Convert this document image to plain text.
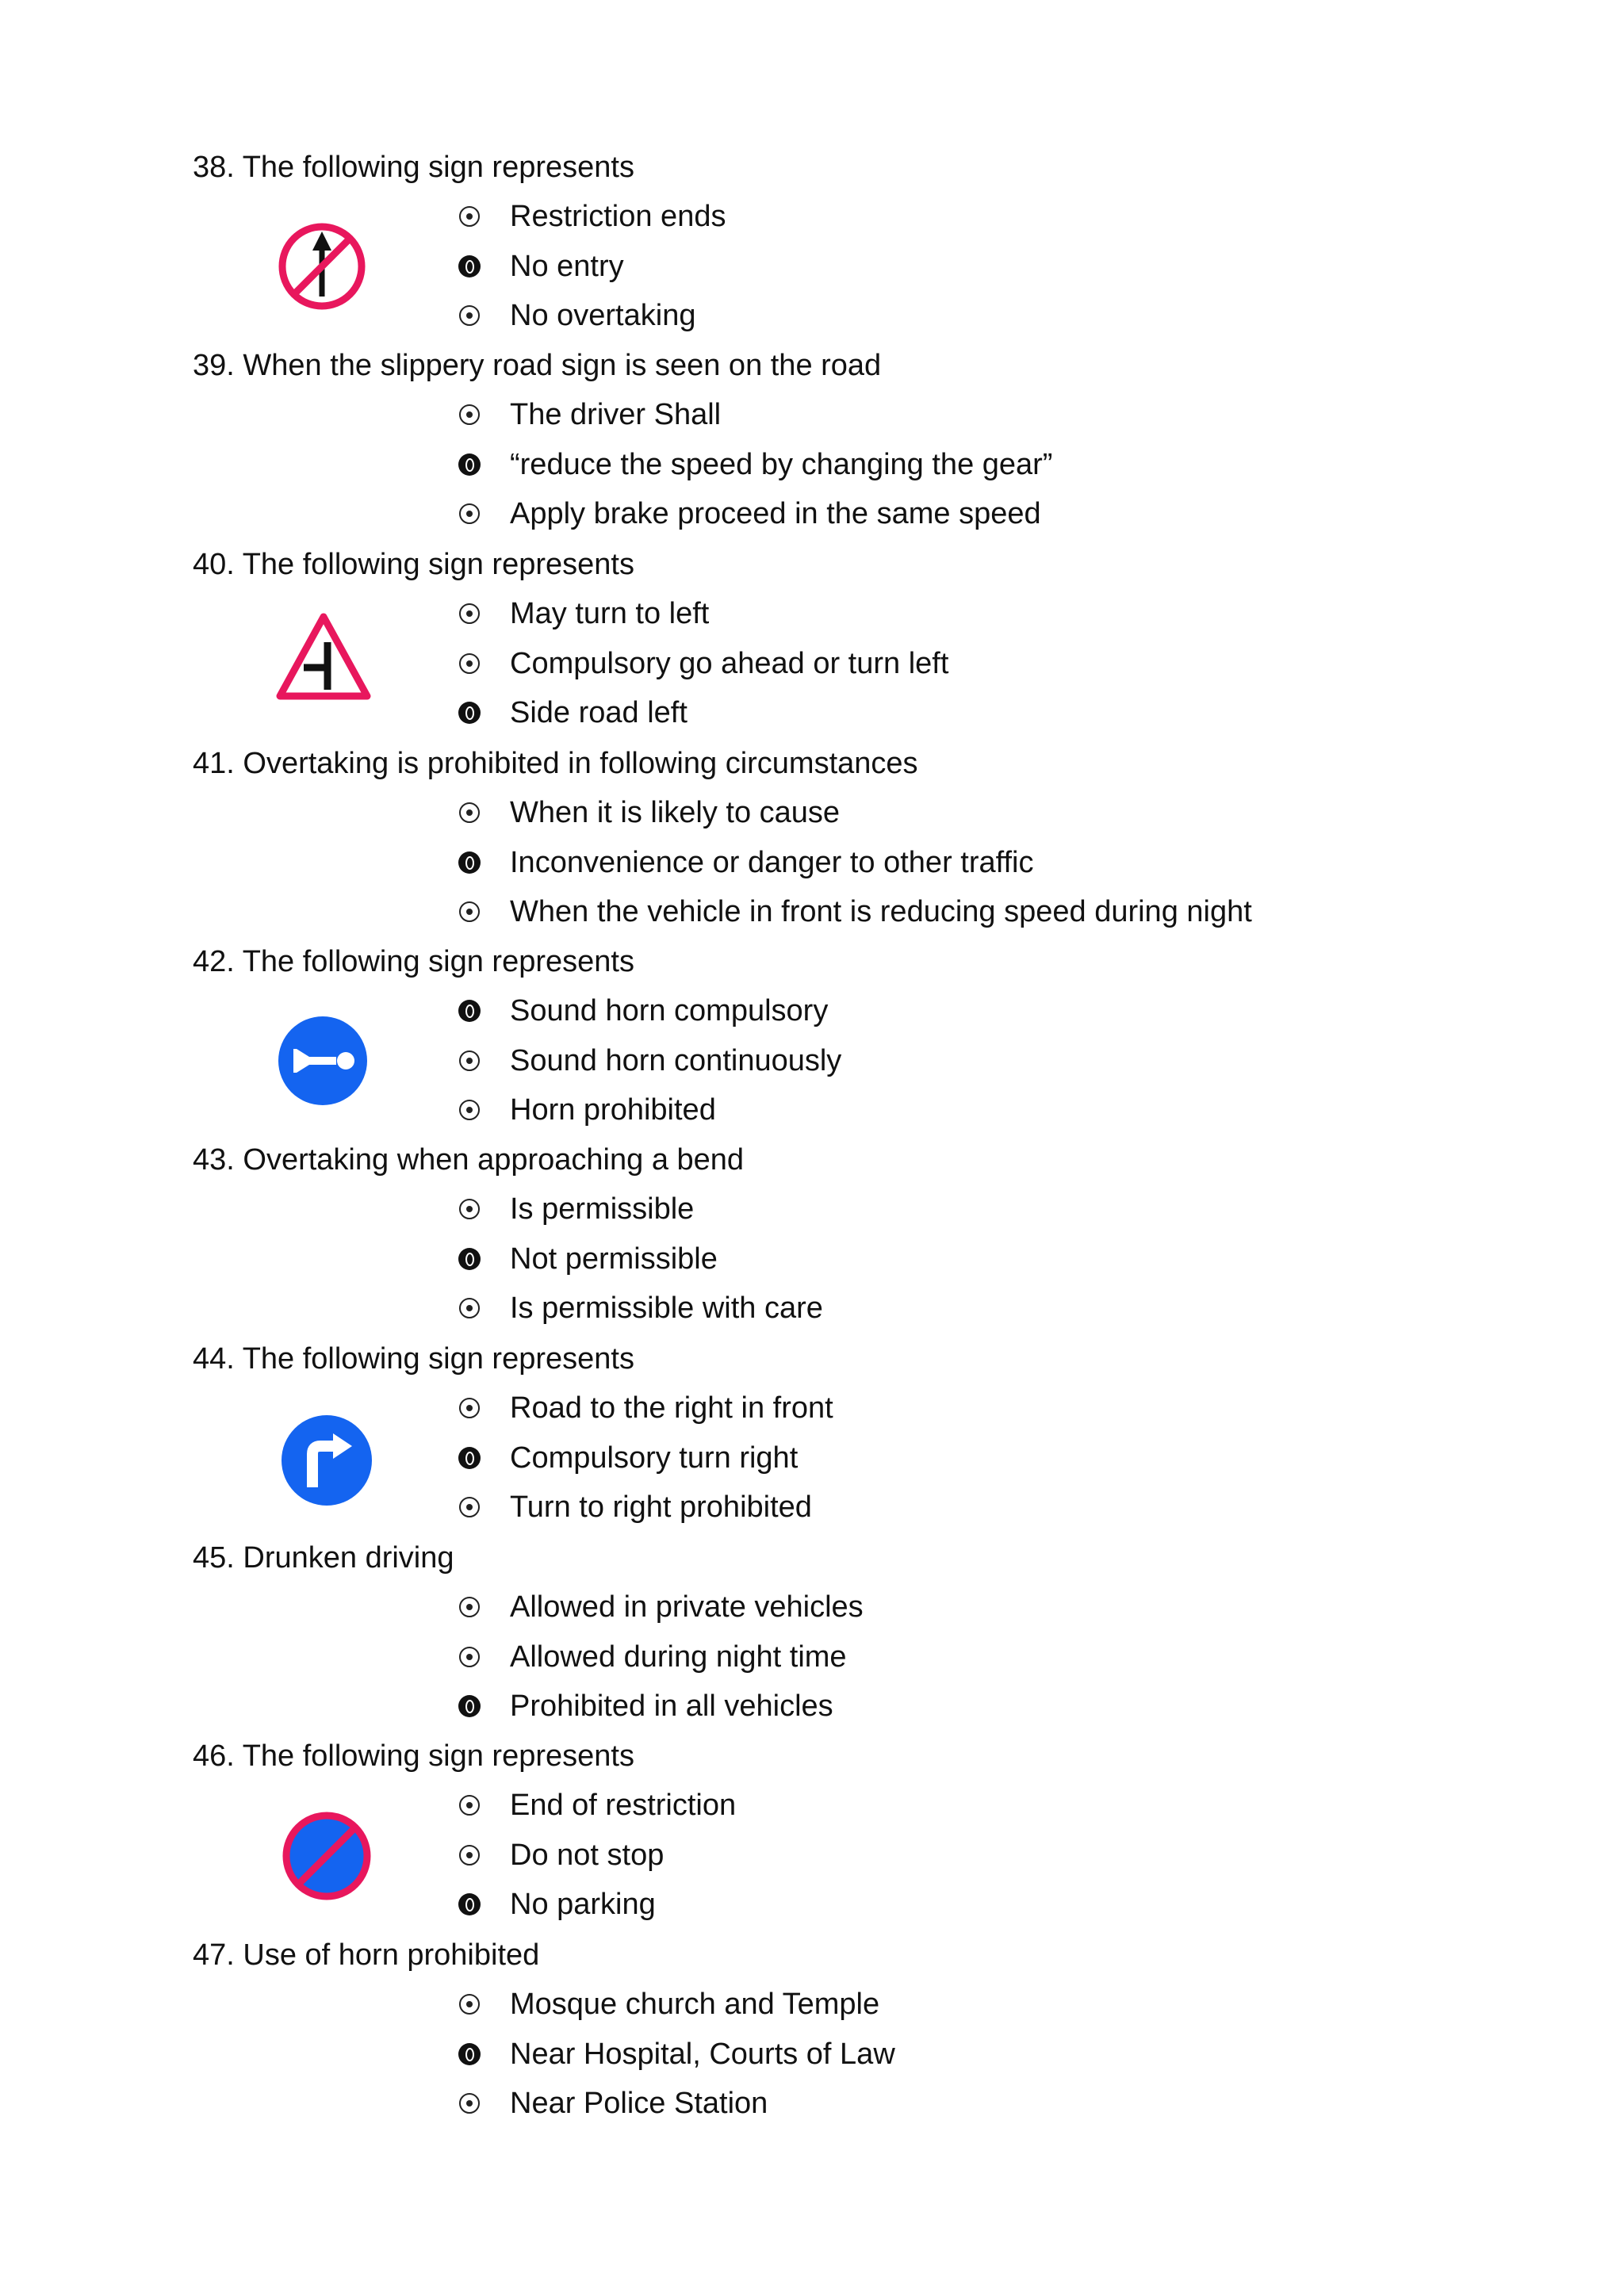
38. The following sign represents
Restriction ends
No entry
No overtaking
39. When the slippery road sign is seen on the road
The driver Shall
“reduce the speed by changing the gear”
Apply brake proceed in the same speed
40. The following sign represents
May turn to left
Compulsory go ahead or turn left
Side road left
41. Overtaking is prohibited in following circumstances
When it is likely to cause
Inconvenience or danger to other traffic
When the vehicle in front is reducing speed during night
42. The following sign represents
Sound horn compulsory
Sound horn continuously
Horn prohibited
43. Overtaking when approaching a bend
Is permissible
Not permissible
Is permissible with care
44. The following sign represents
Road to the right in front
Compulsory turn right
Turn to right prohibited
45. Drunken driving
Allowed in private vehicles
Allowed during night time
Prohibited in all vehicles
46. The following sign represents
End of restriction
Do not stop
No parking
47. Use of horn prohibited
Mosque church and Temple
Near Hospital, Courts of Law
Near Police Station
